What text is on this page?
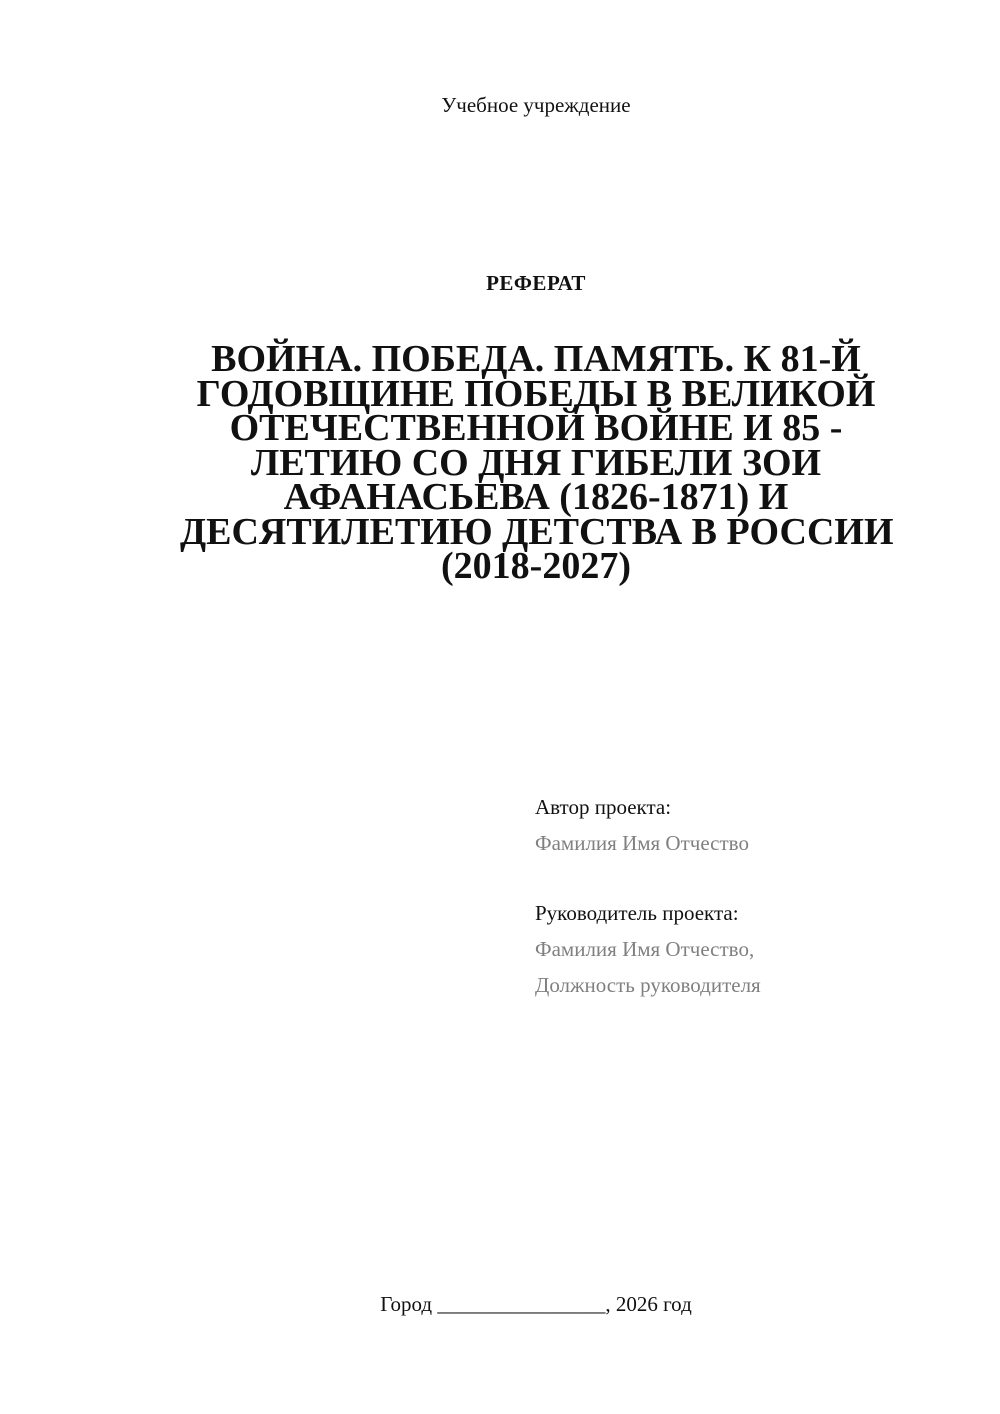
Учебное учреждение
РЕФЕРАТ
ВОЙНА. ПОБЕДА. ПАМЯТЬ. К 81-Й
ГОДОВЩИНЕ ПОБЕДЫ В ВЕЛИКОЙ
ОТЕЧЕСТВЕННОЙ ВОЙНЕ И 85 -
ЛЕТИЮ СО ДНЯ ГИБЕЛИ ЗОИ
АФАНАСЬЕВА (1826-1871) И
ДЕСЯТИЛЕТИЮ ДЕТСТВА В РОССИИ
(2018-2027)
Автор проекта:
Фамилия Имя Отчество
Руководитель проекта:
Фамилия Имя Отчество,
Должность руководителя
Город ________________, 2026 год
